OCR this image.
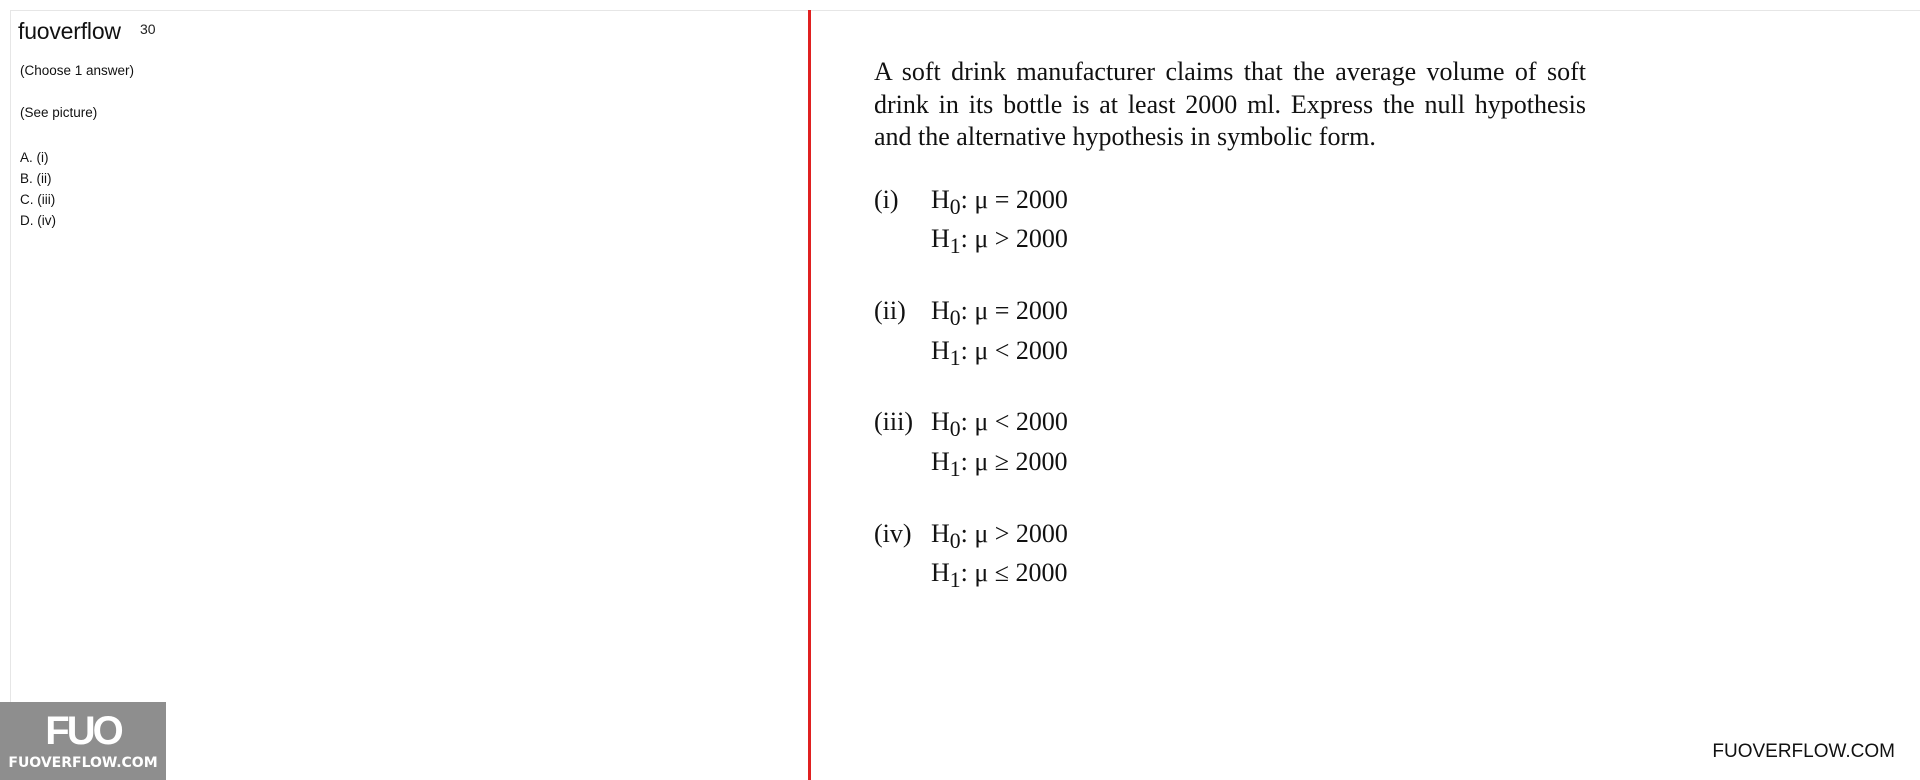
30
fuoverflow
(Choose 1 answer)
(See picture)
A. (i)
B. (ii)
C. (iii)
D. (iv)
FUO
FUOVERFLOW.COM

A soft drink manufacturer claims that the average volume of soft drink in its bottle is at least 2000 ml. Express the null hypothesis and the alternative hypothesis in symbolic form.

(i)	$H_0$: μ = 2000
$H_1$: μ > 2000
(ii) $H_0$: μ = 2000
$H_1$: μ < 2000
(iii) $H_0$: μ < 2000
$H_1$: μ ≥ 2000
(iv) $H_0$: μ > 2000
$H_1$: μ ≤ 2000
FUOVERFLOW.COM
